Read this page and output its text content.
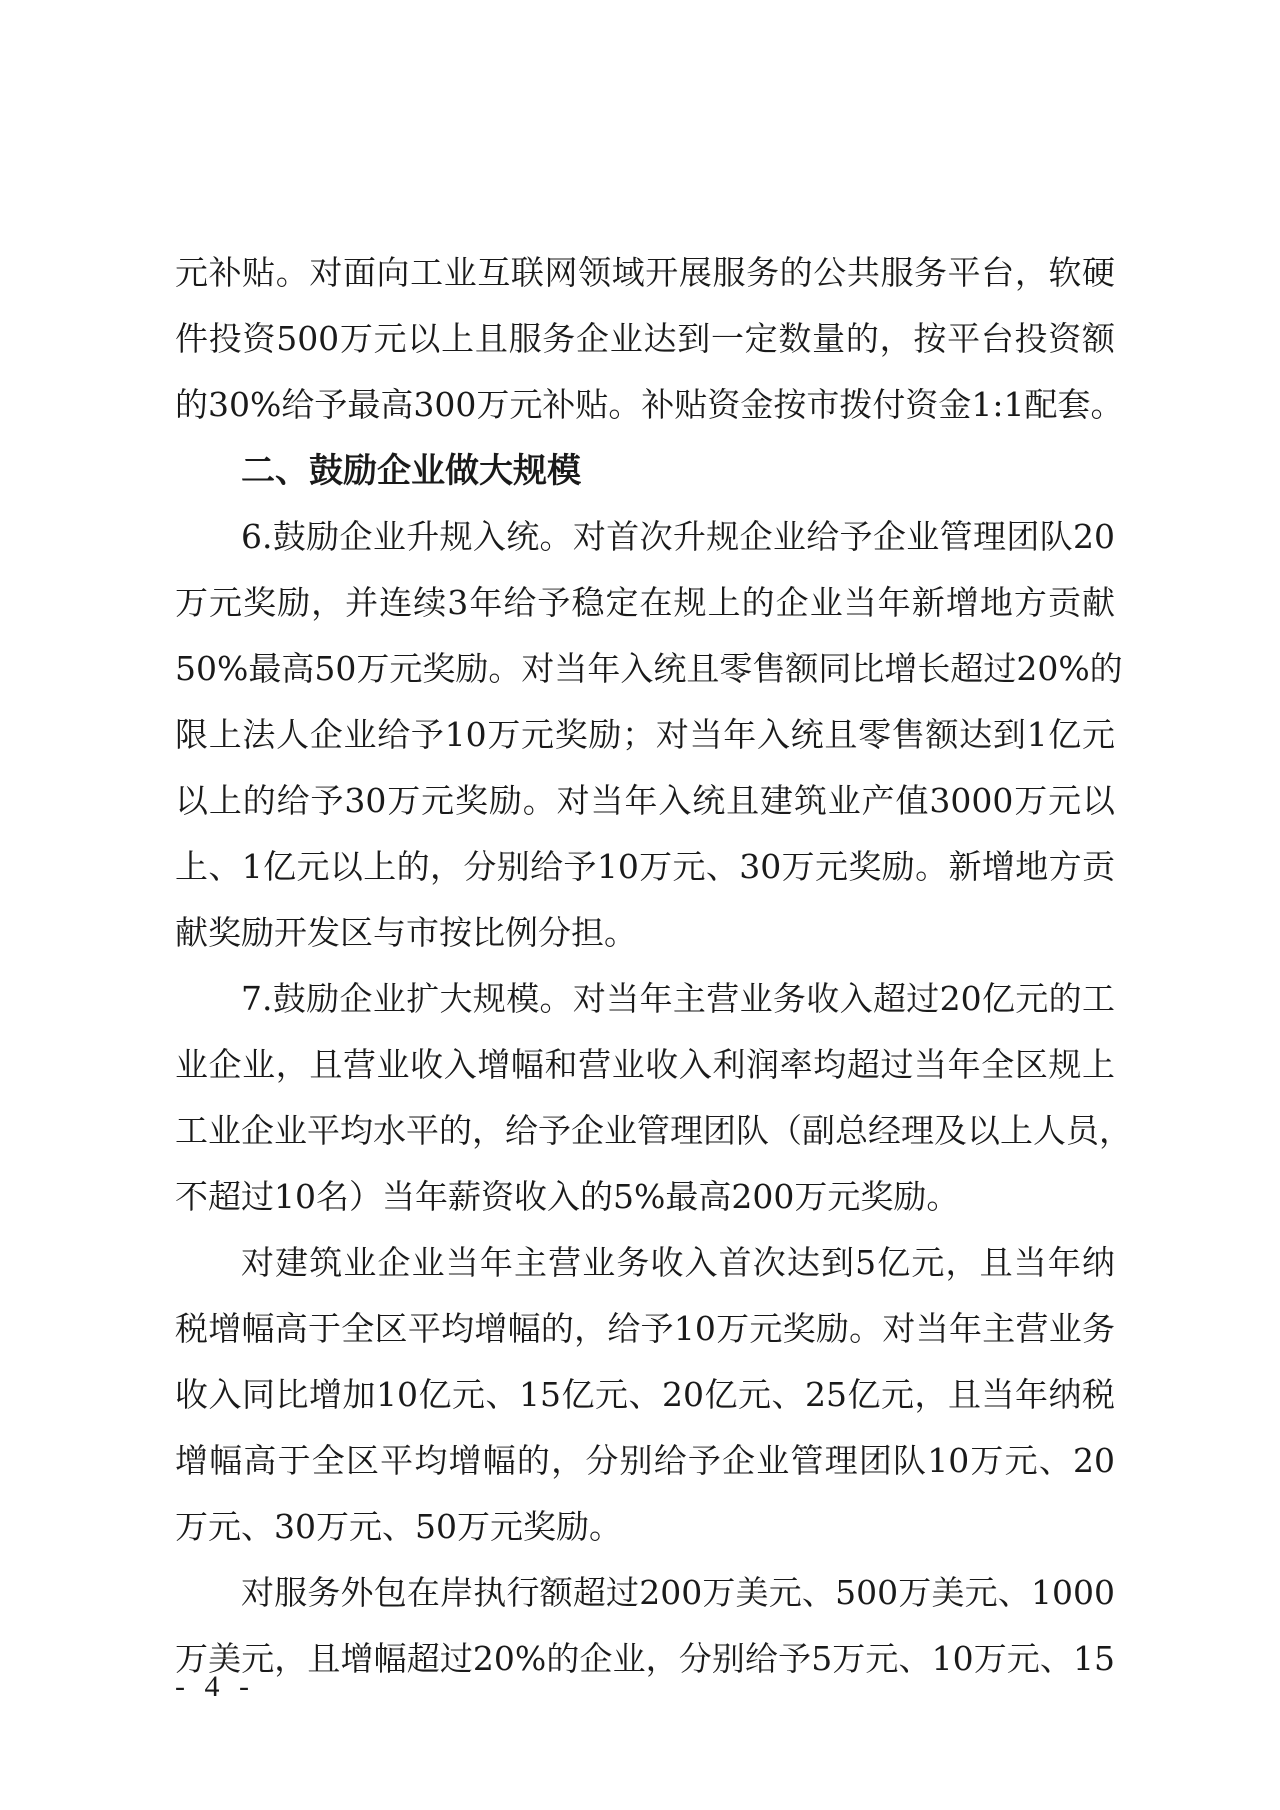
元补贴。对面向工业互联网领域开展服务的公共服务平台，软硬
件投资500万元以上且服务企业达到一定数量的，按平台投资额
的30%给予最高300万元补贴。补贴资金按市拨付资金1:1配套。
二、鼓励企业做大规模
6.鼓励企业升规入统。对首次升规企业给予企业管理团队20
万元奖励，并连续3年给予稳定在规上的企业当年新增地方贡献
50%最高50万元奖励。对当年入统且零售额同比增长超过20%的
限上法人企业给予10万元奖励；对当年入统且零售额达到1亿元
以上的给予30万元奖励。对当年入统且建筑业产值3000万元以
上、1亿元以上的，分别给予10万元、30万元奖励。新增地方贡
献奖励开发区与市按比例分担。
7.鼓励企业扩大规模。对当年主营业务收入超过20亿元的工
业企业，且营业收入增幅和营业收入利润率均超过当年全区规上
工业企业平均水平的，给予企业管理团队（副总经理及以上人员，
不超过10名）当年薪资收入的5%最高200万元奖励。
对建筑业企业当年主营业务收入首次达到5亿元，且当年纳
税增幅高于全区平均增幅的，给予10万元奖励。对当年主营业务
收入同比增加10亿元、15亿元、20亿元、25亿元，且当年纳税
增幅高于全区平均增幅的，分别给予企业管理团队10万元、20
万元、30万元、50万元奖励。
对服务外包在岸执行额超过200万美元、500万美元、1000
万美元，且增幅超过20%的企业，分别给予5万元、10万元、15
- 4 -
